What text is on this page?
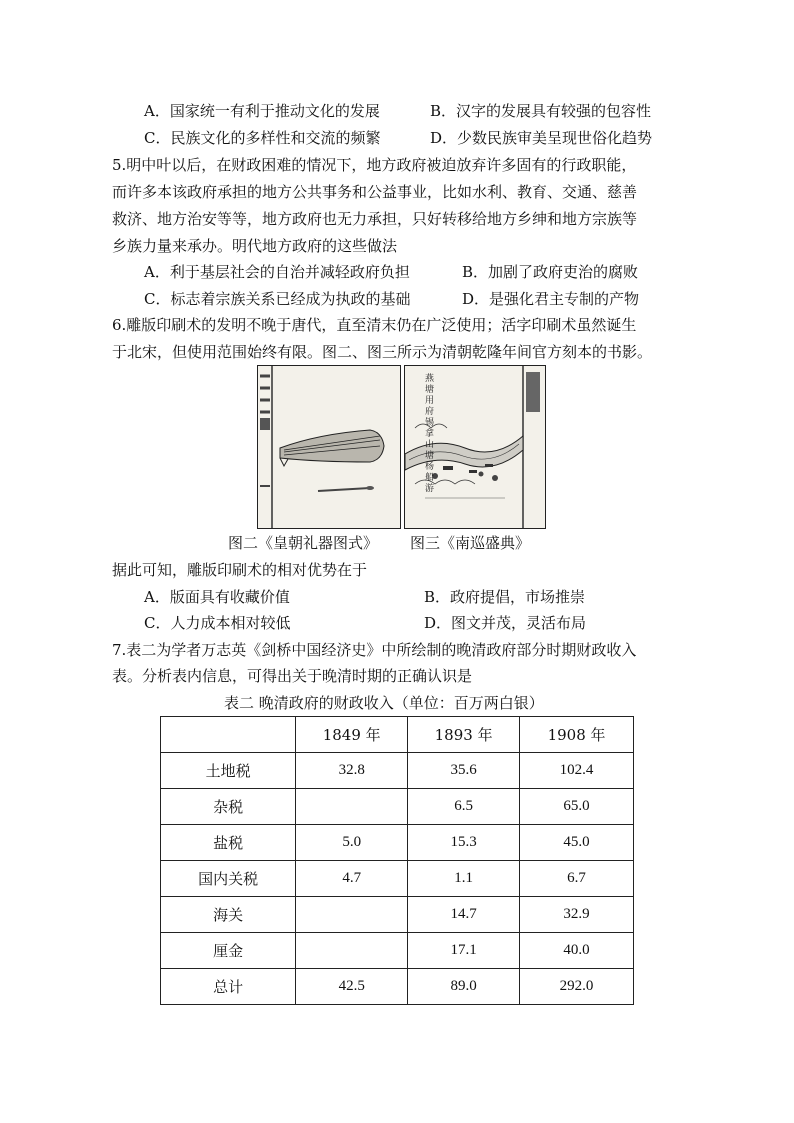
A．国家统一有利于推动文化的发展	B．汉字的发展具有较强的包容性
C．民族文化的多样性和交流的频繁	D．少数民族审美呈现世俗化趋势
5.明中叶以后，在财政困难的情况下，地方政府被迫放弃许多固有的行政职能，
而许多本该政府承担的地方公共事务和公益事业，比如水利、教育、交通、慈善
救济、地方治安等等，地方政府也无力承担，只好转移给地方乡绅和地方宗族等
乡族力量来承办。明代地方政府的这些做法
A．利于基层社会的自治并减轻政府负担	B．加剧了政府吏治的腐败
C．标志着宗族关系已经成为执政的基础	D．是强化君主专制的产物
6.雕版印刷术的发明不晚于唐代，直至清末仍在广泛使用；活字印刷术虽然诞生
于北宋，但使用范围始终有限。图二、图三所示为清朝乾隆年间官方刻本的书影。
燕塘用府锡拿山塘杨船游
图二《皇朝礼器图式》 图三《南巡盛典》
据此可知，雕版印刷术的相对优势在于
A．版面具有收藏价值	B．政府提倡，市场推崇
C．人力成本相对较低	D．图文并茂，灵活布局
7.表二为学者万志英《剑桥中国经济史》中所绘制的晚清政府部分时期财政收入
表。分析表内信息，可得出关于晚清时期的正确认识是
表二 晚清政府的财政收入（单位：百万两白银）
	1849 年	1893 年	1908 年
土地税	32.8	35.6	102.4
杂税		6.5	65.0
盐税	5.0	15.3	45.0
国内关税	4.7	1.1	6.7
海关		14.7	32.9
厘金		17.1	40.0
总计	42.5	89.0	292.0
